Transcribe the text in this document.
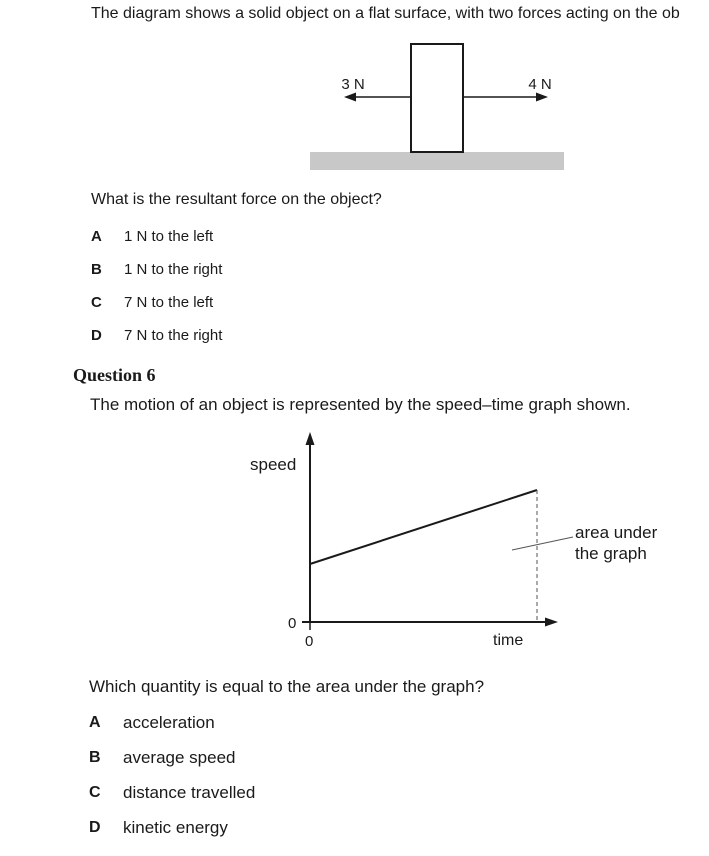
The diagram shows a solid object on a flat surface, with two forces acting on the ob
3 N	4 N
What is the resultant force on the object?
A 1 N to the left
B 1 N to the right
C 7 N to the left
D 7 N to the right
Question 6
The motion of an object is represented by the speed–time graph shown.
speed
time
0
0
area under
the graph
Which quantity is equal to the area under the graph?
A acceleration
B average speed
C distance travelled
D kinetic energy
